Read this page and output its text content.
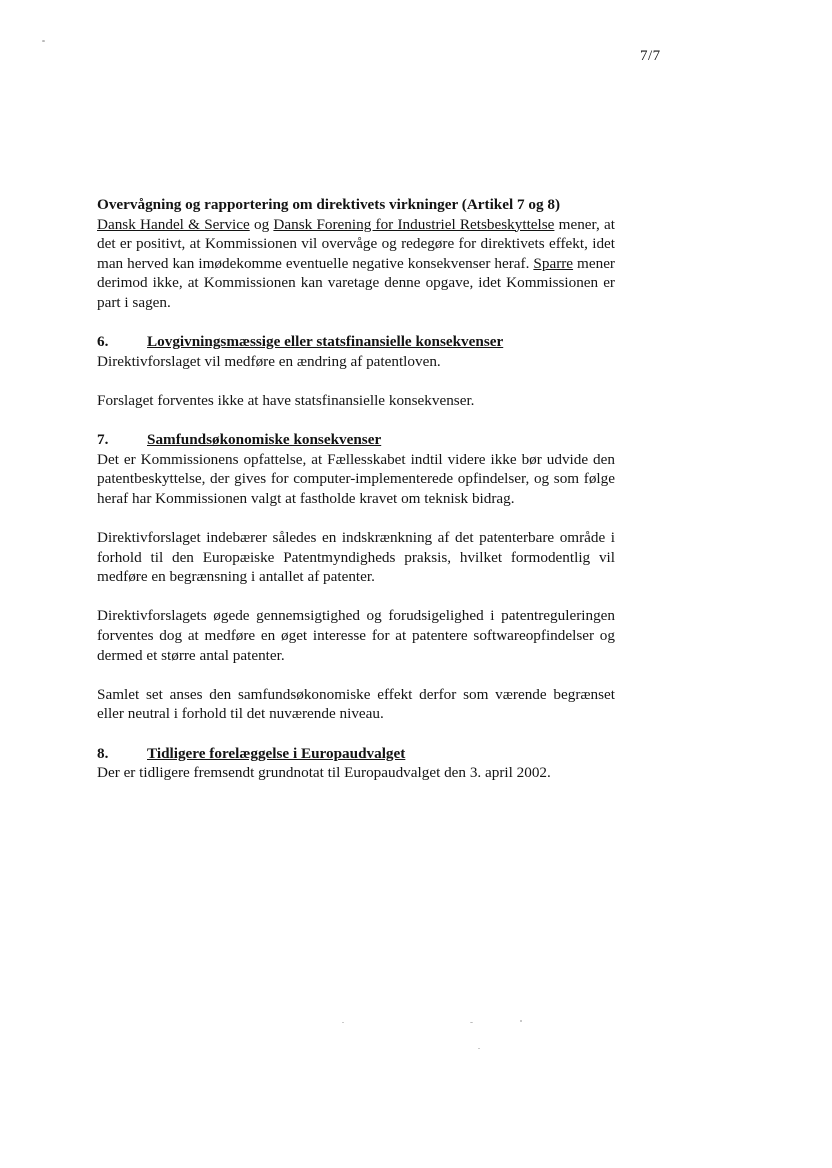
7/7

Overvågning og rapportering om direktivets virkninger (Artikel 7 og 8)

Dansk Handel & Service og Dansk Forening for Industriel Retsbeskyttelse mener, at det er positivt, at Kommissionen vil overvåge og redegøre for direktivets effekt, idet man herved kan imødekomme eventuelle negative konsekvenser heraf. Sparre mener derimod ikke, at Kommissionen kan varetage denne opgave, idet Kommissionen er part i sagen.

6.	Lovgivningsmæssige eller statsfinansielle konsekvenser

Direktivforslaget vil medføre en ændring af patentloven.

Forslaget forventes ikke at have statsfinansielle konsekvenser.

7.	Samfundsøkonomiske konsekvenser

Det er Kommissionens opfattelse, at Fællesskabet indtil videre ikke bør udvide den patentbeskyttelse, der gives for computer-implementerede opfindelser, og som følge heraf har Kommissionen valgt at fastholde kravet om teknisk bidrag.

Direktivforslaget indebærer således en indskrænkning af det patenterbare område i forhold til den Europæiske Patentmyndigheds praksis, hvilket formodentlig vil medføre en begrænsning i antallet af patenter.

Direktivforslagets øgede gennemsigtighed og forudsigelighed i patentreguleringen forventes dog at medføre en øget interesse for at patentere softwareopfindelser og dermed et større antal patenter.

Samlet set anses den samfundsøkonomiske effekt derfor som værende begrænset eller neutral i forhold til det nuværende niveau.

8.	Tidligere forelæggelse i Europaudvalget

Der er tidligere fremsendt grundnotat til Europaudvalget den 3. april 2002.
